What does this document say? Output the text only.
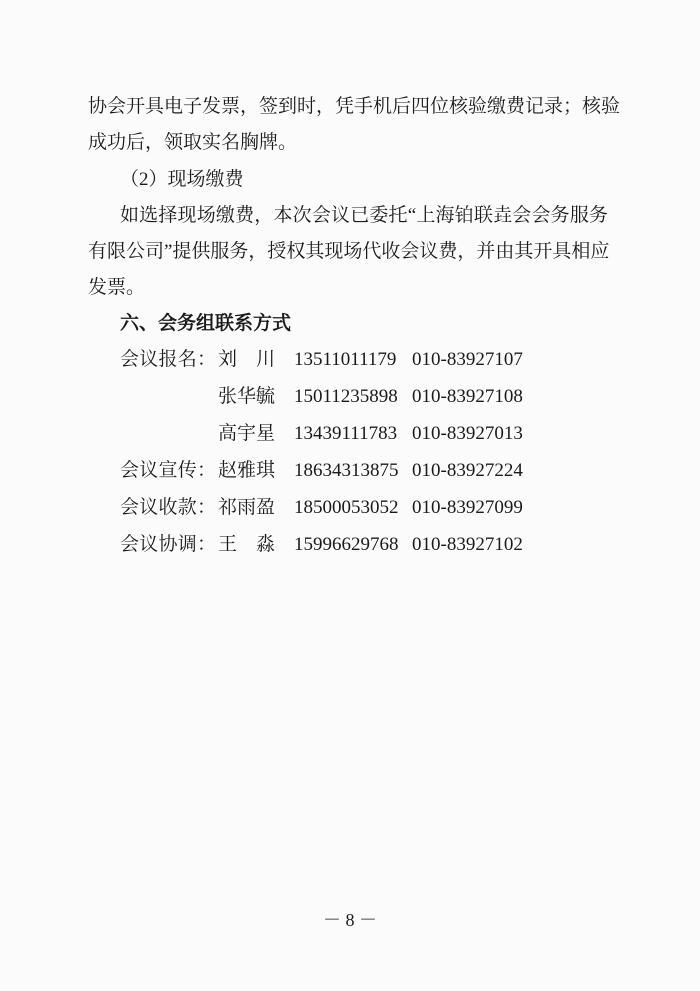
协会开具电子发票，签到时，凭手机后四位核验缴费记录；核验
成功后，领取实名胸牌。
（2）现场缴费
如选择现场缴费，本次会议已委托“上海铂联垚会会务服务
有限公司”提供服务，授权其现场代收会议费，并由其开具相应
发票。
六、会务组联系方式
会议报名： 刘　川 13511011179 010-83927107
张华毓 15011235898 010-83927108
高宇星 13439111783 010-83927013
会议宣传： 赵雅琪 18634313875 010-83927224
会议收款： 祁雨盈 18500053052 010-83927099
会议协调： 王　淼 15996629768 010-83927102
－ 8 －
